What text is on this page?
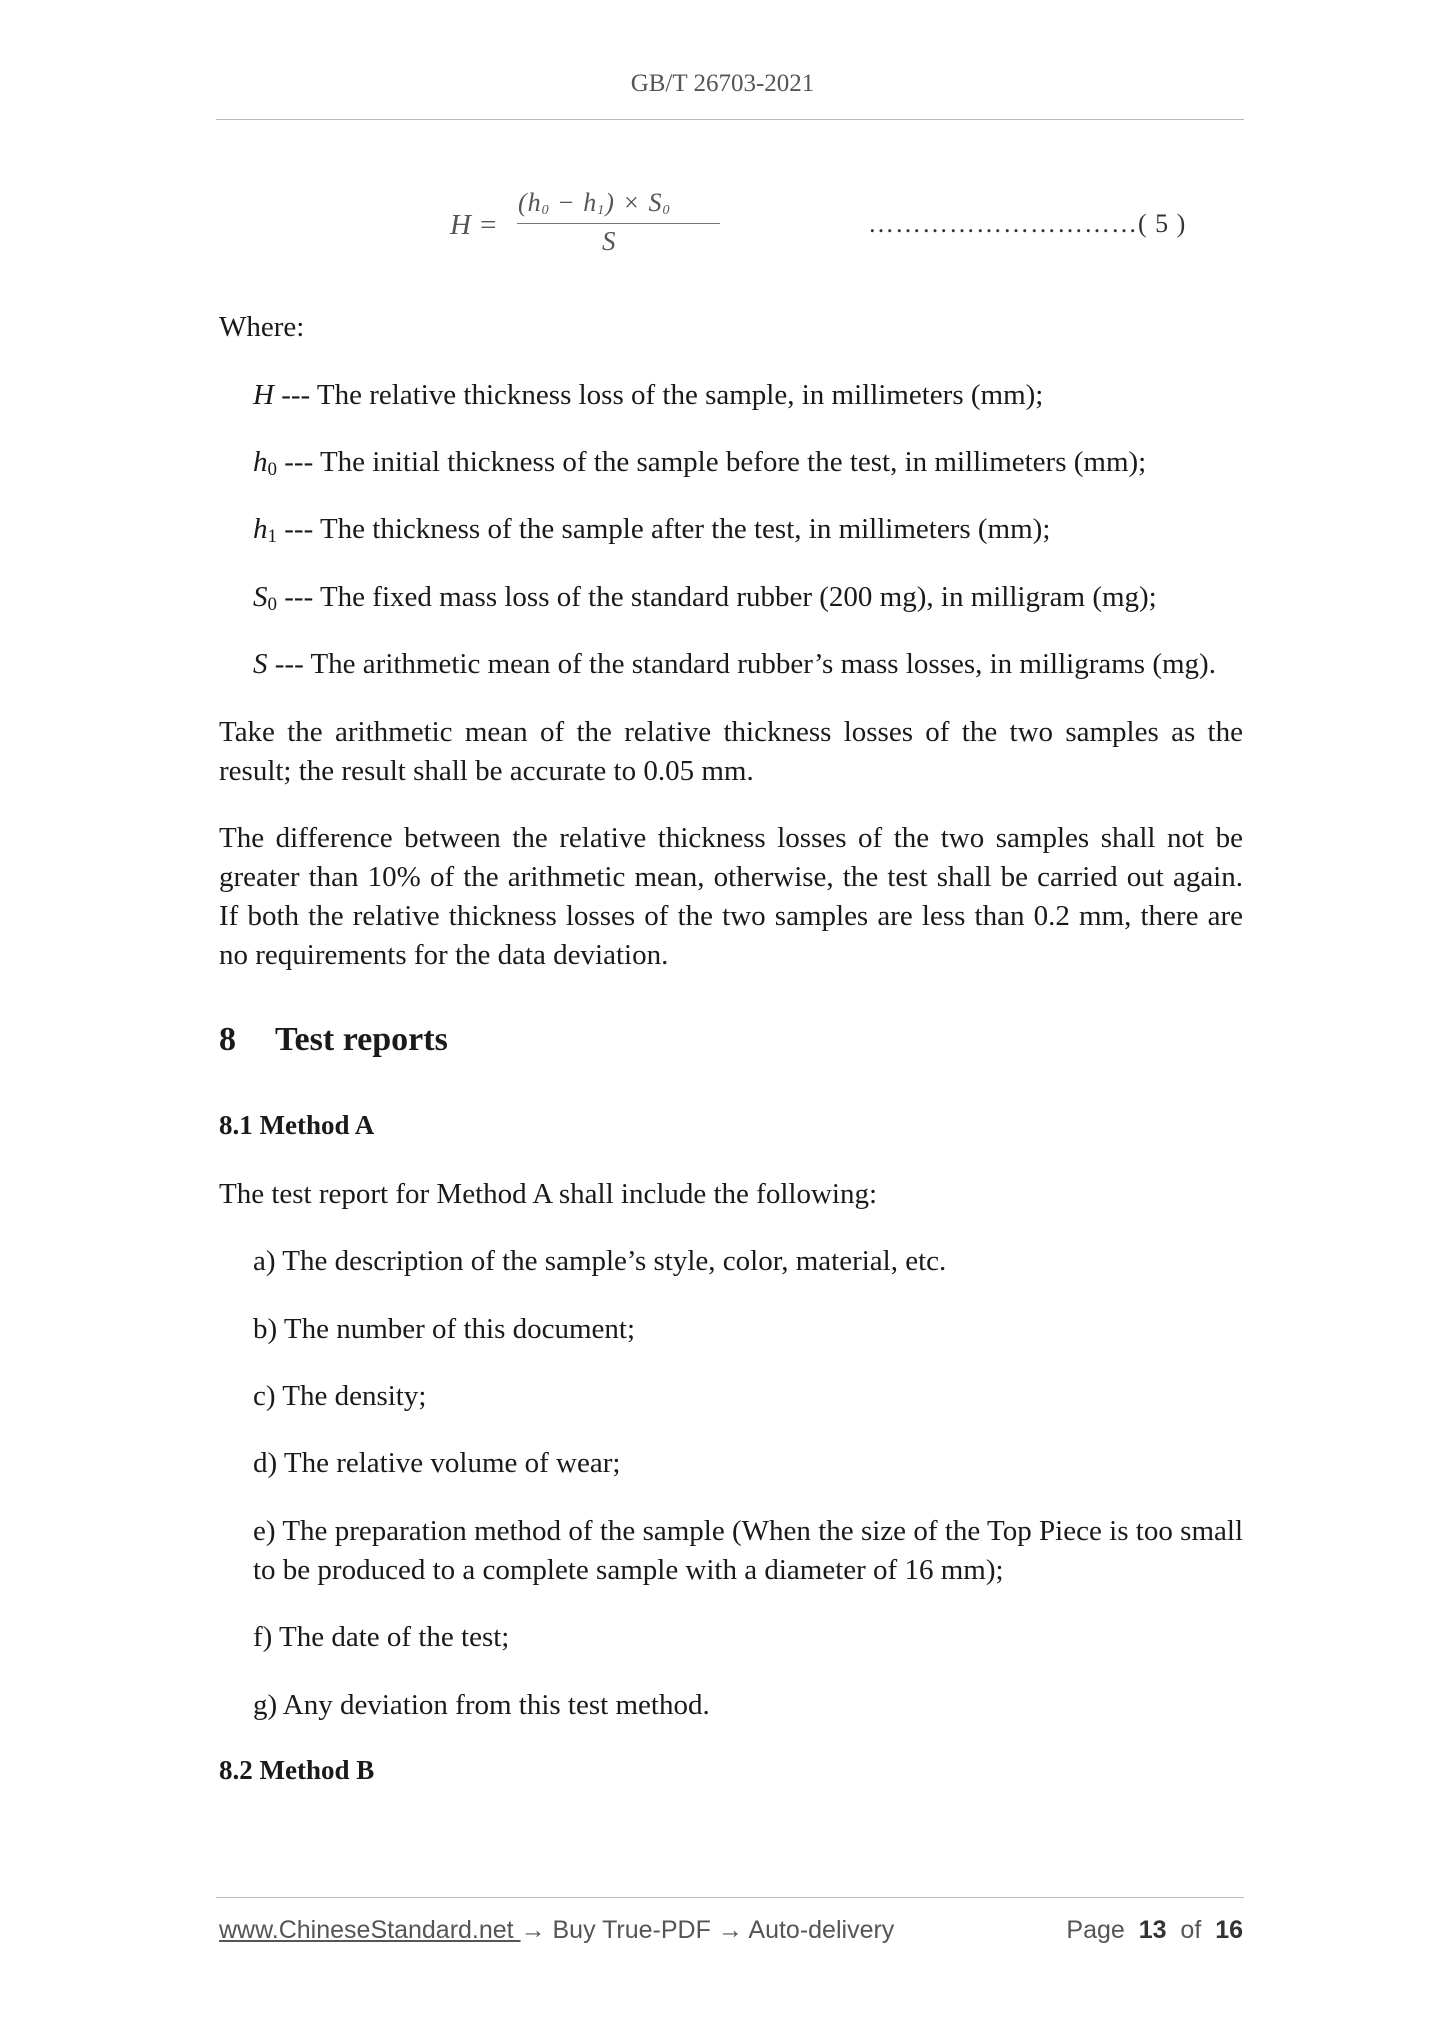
GB/T 26703-2021
H =
$(h_0 - h_1) \times S_0$
S
…………………………( 5 )
Where:
H --- The relative thickness loss of the sample, in millimeters (mm);
$h_0$ --- The initial thickness of the sample before the test, in millimeters (mm);
$h_1$ --- The thickness of the sample after the test, in millimeters (mm);
$S_0$ --- The fixed mass loss of the standard rubber (200 mg), in milligram (mg);
S --- The arithmetic mean of the standard rubber’s mass losses, in milligrams (mg).
Take the arithmetic mean of the relative thickness losses of the two samples as the result; the result shall be accurate to 0.05 mm.
The difference between the relative thickness losses of the two samples shall not be greater than 10% of the arithmetic mean, otherwise, the test shall be carried out again. If both the relative thickness losses of the two samples are less than 0.2 mm, there are no requirements for the data deviation.
8 Test reports
8.1 Method A
The test report for Method A shall include the following:
a) The description of the sample’s style, color, material, etc.
b) The number of this document;
c) The density;
d) The relative volume of wear;
e) The preparation method of the sample (When the size of the Top Piece is too small to be produced to a complete sample with a diameter of 16 mm);
f) The date of the test;
g) Any deviation from this test method.
8.2 Method B
www.ChineseStandard.net → Buy True-PDF → Auto-delivery	Page 13 of 16
